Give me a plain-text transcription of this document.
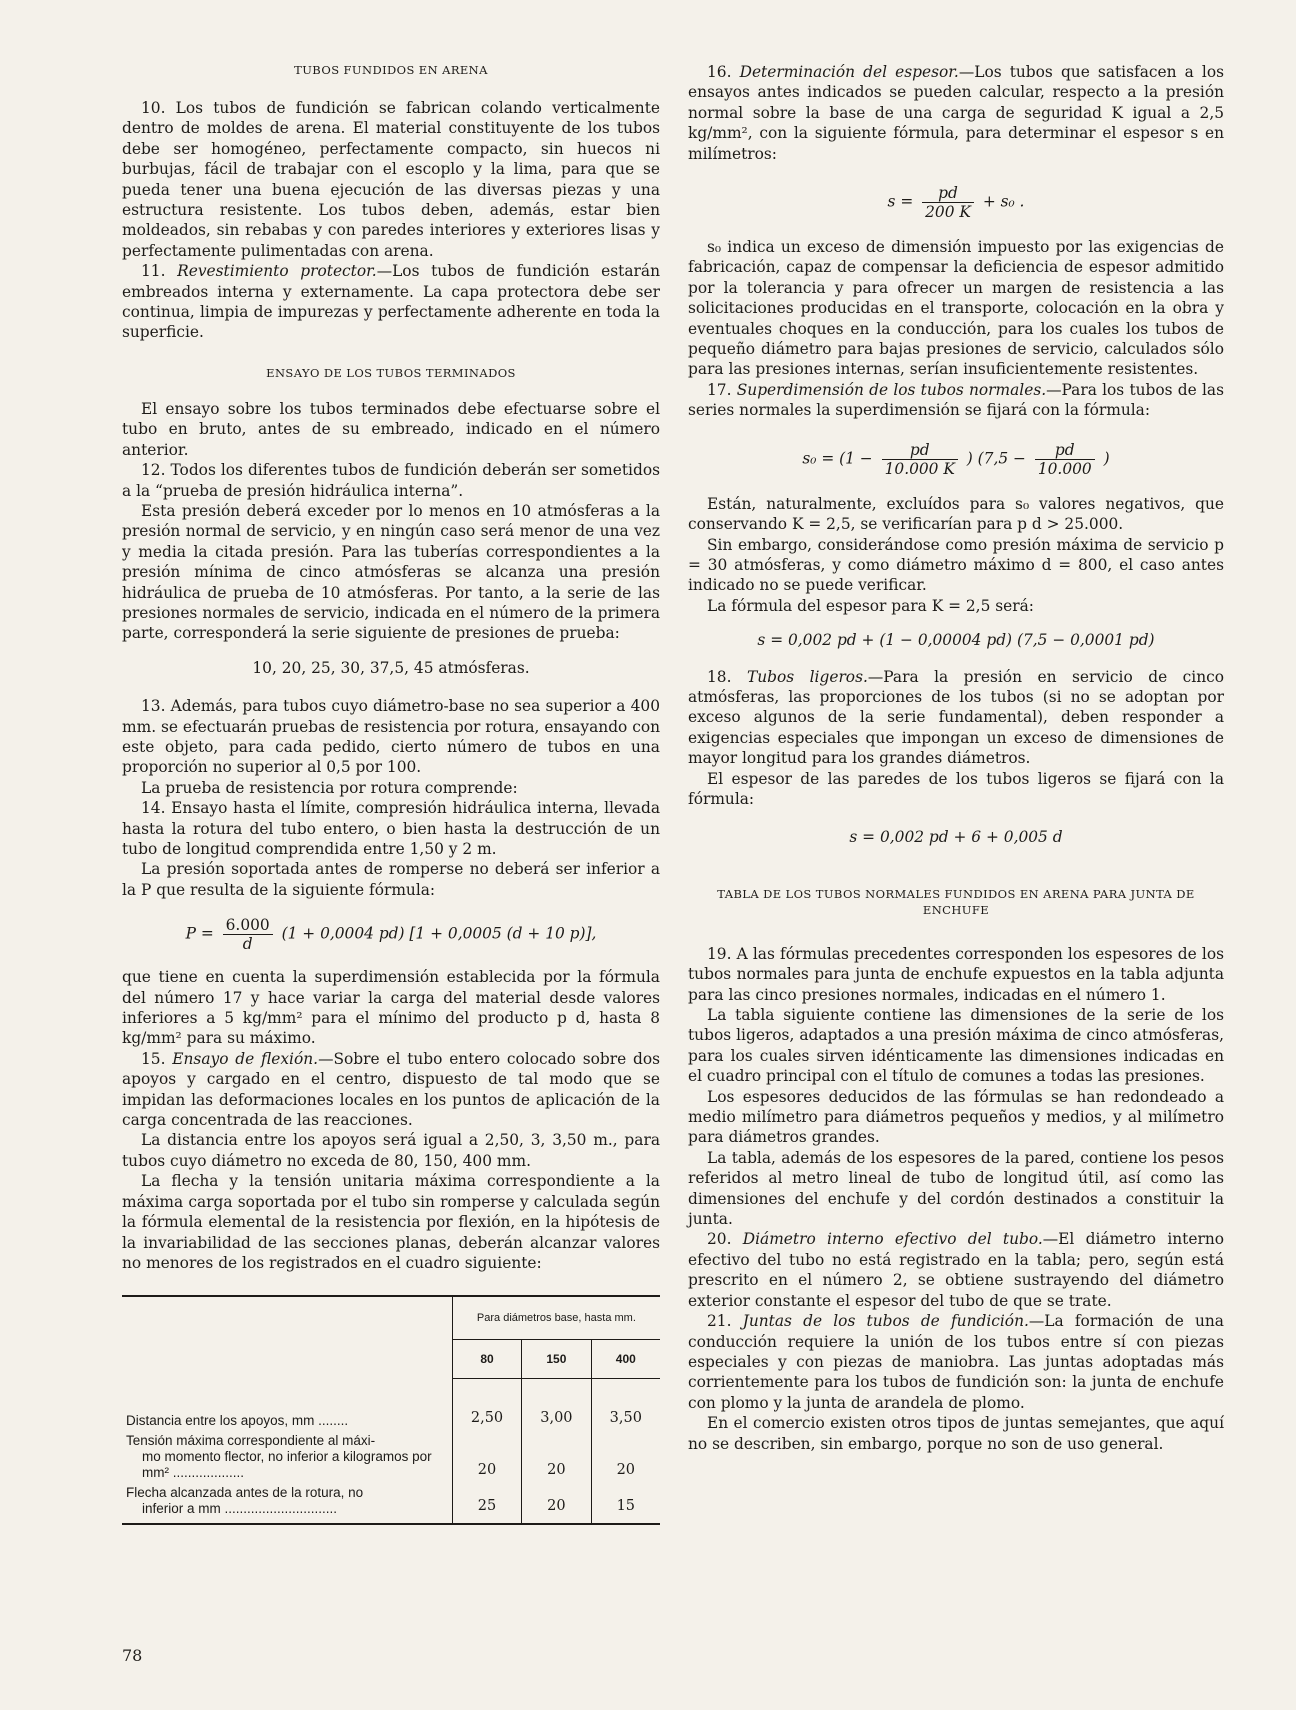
TUBOS FUNDIDOS EN ARENA

10. Los tubos de fundición se fabrican colando verticalmente dentro de moldes de arena. El material constituyente de los tubos debe ser homogéneo, perfectamente compacto, sin huecos ni burbujas, fácil de trabajar con el escoplo y la lima, para que se pueda tener una buena ejecución de las diversas piezas y una estructura resistente. Los tubos deben, además, estar bien moldeados, sin rebabas y con paredes interiores y exteriores lisas y perfectamente pulimentadas con arena.

11. Revestimiento protector.—Los tubos de fundición estarán embreados interna y externamente. La capa protectora debe ser continua, limpia de impurezas y perfectamente adherente en toda la superficie.

ENSAYO DE LOS TUBOS TERMINADOS

El ensayo sobre los tubos terminados debe efectuarse sobre el tubo en bruto, antes de su embreado, indicado en el número anterior.

12. Todos los diferentes tubos de fundición deberán ser sometidos a la “prueba de presión hidráulica interna”.

Esta presión deberá exceder por lo menos en 10 atmósferas a la presión normal de servicio, y en ningún caso será menor de una vez y media la citada presión. Para las tuberías correspondientes a la presión mínima de cinco atmósferas se alcanza una presión hidráulica de prueba de 10 atmósferas. Por tanto, a la serie de las presiones normales de servicio, indicada en el número de la primera parte, corresponderá la serie siguiente de presiones de prueba:

10, 20, 25, 30, 37,5, 45 atmósferas.

13. Además, para tubos cuyo diámetro-base no sea superior a 400 mm. se efectuarán pruebas de resistencia por rotura, ensayando con este objeto, para cada pedido, cierto número de tubos en una proporción no superior al 0,5 por 100.

La prueba de resistencia por rotura comprende:

14. Ensayo hasta el límite, compresión hidráulica interna, llevada hasta la rotura del tubo entero, o bien hasta la destrucción de un tubo de longitud comprendida entre 1,50 y 2 m.

La presión soportada antes de romperse no deberá ser inferior a la P que resulta de la siguiente fórmula:

$P = \frac{6.000}{d} (1 + 0,0004$ pd) [1 + 0,0005 (d + 10 p)],

que tiene en cuenta la superdimensión establecida por la fórmula del número 17 y hace variar la carga del material desde valores inferiores a 5 kg/mm² para el mínimo del producto p d, hasta 8 kg/mm² para su máximo.

15. Ensayo de flexión.—Sobre el tubo entero colocado sobre dos apoyos y cargado en el centro, dispuesto de tal modo que se impidan las deformaciones locales en los puntos de aplicación de la carga concentrada de las reacciones.

La distancia entre los apoyos será igual a 2,50, 3, 3,50 m., para tubos cuyo diámetro no exceda de 80, 150, 400 mm.

La flecha y la tensión unitaria máxima correspondiente a la máxima carga soportada por el tubo sin romperse y calculada según la fórmula elemental de la resistencia por flexión, en la hipótesis de la invariabilidad de las secciones planas, deberán alcanzar valores no menores de los registrados en el cuadro siguiente:

	Para diámetros base, hasta mm.		
	80	150	400
Distancia entre los apoyos, mm ........	2,50	3,00	3,50
Tensión máxima correspondiente al máxi-
mo momento flector, no inferior a kilogramos por mm² ...................	20	20	20
Flecha alcanzada antes de la rotura, no
inferior a mm ..............................	25	20	15

16. Determinación del espesor.—Los tubos que satisfacen a los ensayos antes indicados se pueden calcular, respecto a la presión normal sobre la base de una carga de seguridad K igual a 2,5 kg/mm², con la siguiente fórmula, para determinar el espesor s en milímetros:

$s = \frac{pd}{200 K} + s_0$ .

s₀ indica un exceso de dimensión impuesto por las exigencias de fabricación, capaz de compensar la deficiencia de espesor admitido por la tolerancia y para ofrecer un margen de resistencia a las solicitaciones producidas en el transporte, colocación en la obra y eventuales choques en la conducción, para los cuales los tubos de pequeño diámetro para bajas presiones de servicio, calculados sólo para las presiones internas, serían insuficientemente resistentes.

17. Superdimensión de los tubos normales.—Para los tubos de las series normales la superdimensión se fijará con la fórmula:

$s_0 = (1 - \frac{pd}{10.000 K}$ ) ($7,5 - \frac{pd}{10.000}$ )

Están, naturalmente, excluídos para s₀ valores negativos, que conservando K = 2,5, se verificarían para p d > 25.000.

Sin embargo, considerándose como presión máxima de servicio p = 30 atmósferas, y como diámetro máximo d = 800, el caso antes indicado no se puede verificar.

La fórmula del espesor para K = 2,5 será:

s = 0,002 pd + (1 − 0,00004 pd) (7,5 − 0,0001 pd)

18. Tubos ligeros.—Para la presión en servicio de cinco atmósferas, las proporciones de los tubos (si no se adoptan por exceso algunos de la serie fundamental), deben responder a exigencias especiales que impongan un exceso de dimensiones de mayor longitud para los grandes diámetros.

El espesor de las paredes de los tubos ligeros se fijará con la fórmula:

s = 0,002 pd + 6 + 0,005 d
TABLA DE LOS TUBOS NORMALES FUNDIDOS EN ARENA PARA JUNTA DE ENCHUFE

19. A las fórmulas precedentes corresponden los espesores de los tubos normales para junta de enchufe expuestos en la tabla adjunta para las cinco presiones normales, indicadas en el número 1.

La tabla siguiente contiene las dimensiones de la serie de los tubos ligeros, adaptados a una presión máxima de cinco atmósferas, para los cuales sirven idénticamente las dimensiones indicadas en el cuadro principal con el título de comunes a todas las presiones.

Los espesores deducidos de las fórmulas se han redondeado a medio milímetro para diámetros pequeños y medios, y al milímetro para diámetros grandes.

La tabla, además de los espesores de la pared, contiene los pesos referidos al metro lineal de tubo de longitud útil, así como las dimensiones del enchufe y del cordón destinados a constituir la junta.

20. Diámetro interno efectivo del tubo.—El diámetro interno efectivo del tubo no está registrado en la tabla; pero, según está prescrito en el número 2, se obtiene sustrayendo del diámetro exterior constante el espesor del tubo de que se trate.

21. Juntas de los tubos de fundición.—La formación de una conducción requiere la unión de los tubos entre sí con piezas especiales y con piezas de maniobra. Las juntas adoptadas más corrientemente para los tubos de fundición son: la junta de enchufe con plomo y la junta de arandela de plomo.

En el comercio existen otros tipos de juntas semejantes, que aquí no se describen, sin embargo, porque no son de uso general.

78
